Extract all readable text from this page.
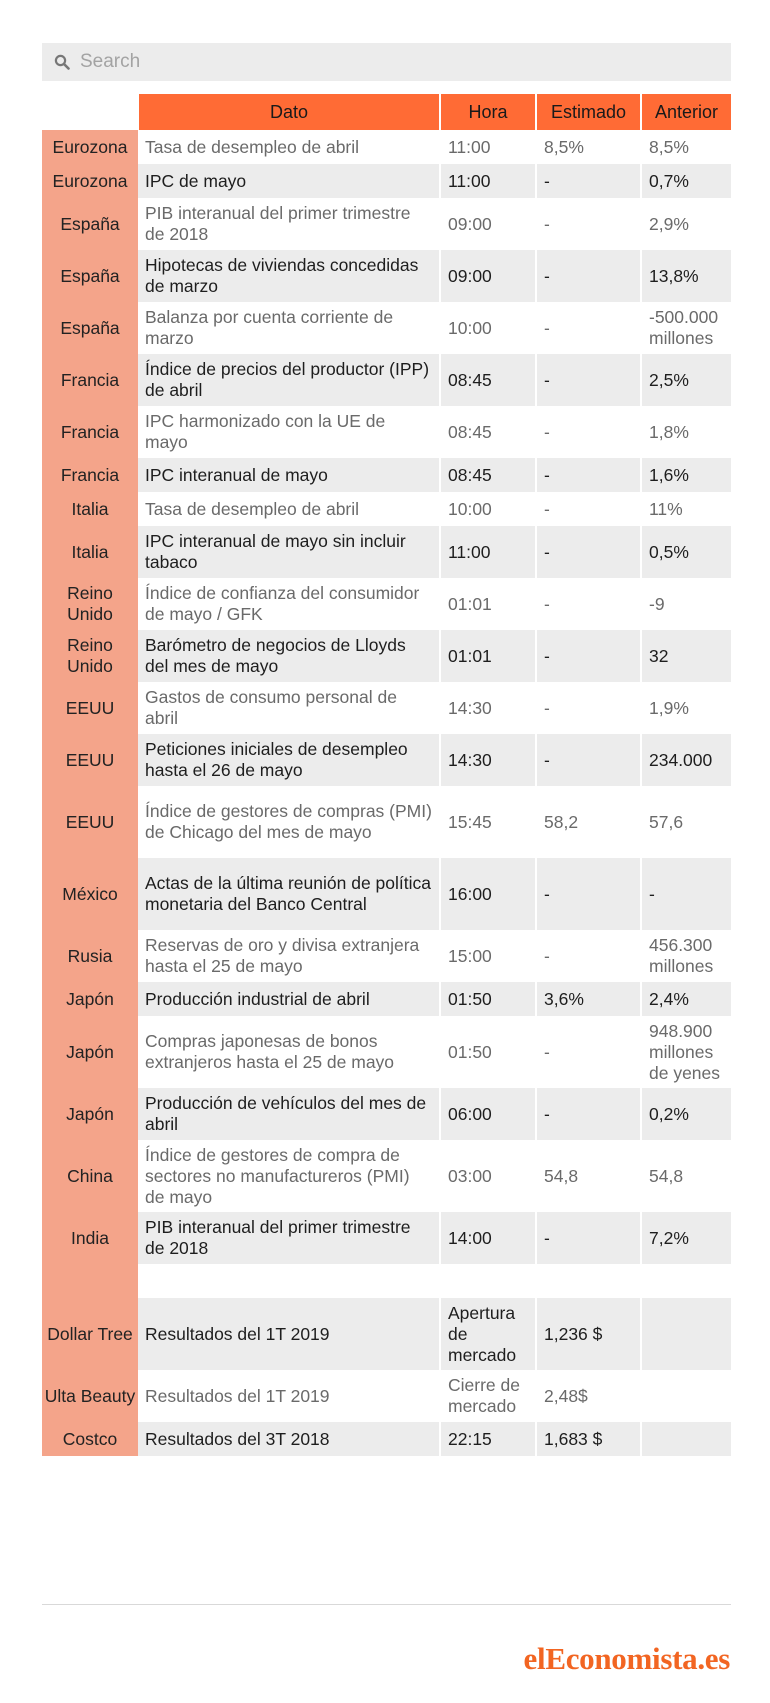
Search
	Dato	Hora	Estimado	Anterior
Eurozona	Tasa de desempleo de abril	11:00	8,5%	8,5%
Eurozona	IPC de mayo	11:00	-	0,7%
España	PIB interanual del primer trimestre de 2018	09:00	-	2,9%
España	Hipotecas de viviendas concedidas de marzo	09:00	-	13,8%
España	Balanza por cuenta corriente de marzo	10:00	-	-500.000 millones
Francia	Índice de precios del productor (IPP) de abril	08:45	-	2,5%
Francia	IPC harmonizado con la UE de mayo	08:45	-	1,8%
Francia	IPC interanual de mayo	08:45	-	1,6%
Italia	Tasa de desempleo de abril	10:00	-	11%
Italia	IPC interanual de mayo sin incluir tabaco	11:00	-	0,5%
Reino Unido	Índice de confianza del consumidor de mayo / GFK	01:01	-	-9
Reino Unido	Barómetro de negocios de Lloyds del mes de mayo	01:01	-	32
EEUU	Gastos de consumo personal de abril	14:30	-	1,9%
EEUU	Peticiones iniciales de desempleo hasta el 26 de mayo	14:30	-	234.000
EEUU	Índice de gestores de compras (PMI) de Chicago del mes de mayo	15:45	58,2	57,6
México	Actas de la última reunión de política monetaria del Banco Central	16:00	-	-
Rusia	Reservas de oro y divisa extranjera hasta el 25 de mayo	15:00	-	456.300 millones
Japón	Producción industrial de abril	01:50	3,6%	2,4%
Japón	Compras japonesas de bonos extranjeros hasta el 25 de mayo	01:50	-	948.900 millones de yenes
Japón	Producción de vehículos del mes de abril	06:00	-	0,2%
China	Índice de gestores de compra de sectores no manufactureros (PMI) de mayo	03:00	54,8	54,8
India	PIB interanual del primer trimestre de 2018	14:00	-	7,2%

Dollar Tree	Resultados del 1T 2019	Apertura de mercado	1,236 $	
Ulta Beauty	Resultados del 1T 2019	Cierre de mercado	2,48$	
Costco	Resultados del 3T 2018	22:15	1,683 $	
elEconomista.es
